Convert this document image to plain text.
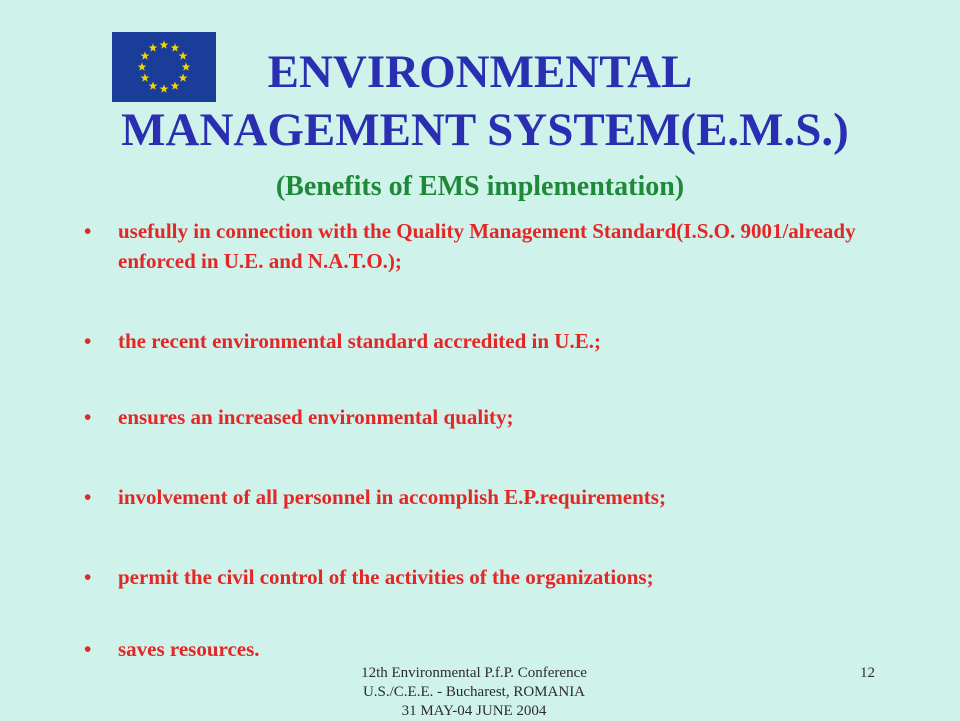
ENVIRONMENTAL
MANAGEMENT SYSTEM(E.M.S.)
(Benefits of EMS implementation)
•	usefully in connection with the Quality Management Standard(I.S.O. 9001/already enforced in U.E. and N.A.T.O.);
•	the recent environmental standard accredited in U.E.;
•	ensures an increased environmental quality;
•	involvement of all personnel in accomplish E.P.requirements;
•	permit the civil control of the activities of the organizations;
•	saves resources.
12th Environmental P.f.P. Conference
U.S./C.E.E. - Bucharest, ROMANIA
31 MAY-04 JUNE 2004
12
